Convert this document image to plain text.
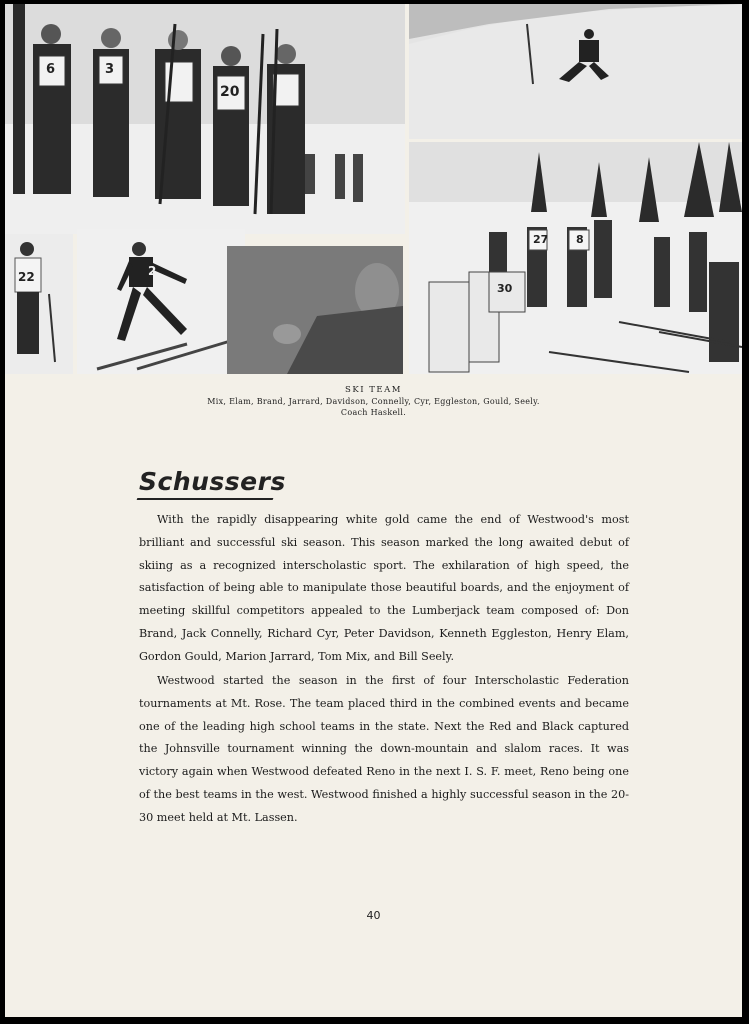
6	3
20
22	2
27	8
30
SKI TEAM
Mix, Elam, Brand, Jarrard, Davidson, Connelly, Cyr, Eggleston, Gould, Seely.
Coach Haskell.
Schussers

With the rapidly disappearing white gold came the end of Westwood's most brilliant and successful ski season. This season marked the long awaited debut of skiing as a recognized interscholastic sport. The exhilaration of high speed, the satisfaction of being able to manipulate those beautiful boards, and the enjoyment of meeting skillful competitors appealed to the Lumberjack team composed of: Don Brand, Jack Connelly, Richard Cyr, Peter Davidson, Kenneth Eggleston, Henry Elam, Gordon Gould, Marion Jarrard, Tom Mix, and Bill Seely.

Westwood started the season in the first of four Interscholastic Federation tournaments at Mt. Rose. The team placed third in the combined events and became one of the leading high school teams in the state. Next the Red and Black captured the Johnsville tournament winning the down-mountain and slalom races. It was victory again when Westwood defeated Reno in the next I. S. F. meet, Reno being one of the best teams in the west. Westwood finished a highly successful season in the 20-30 meet held at Mt. Lassen.

40
